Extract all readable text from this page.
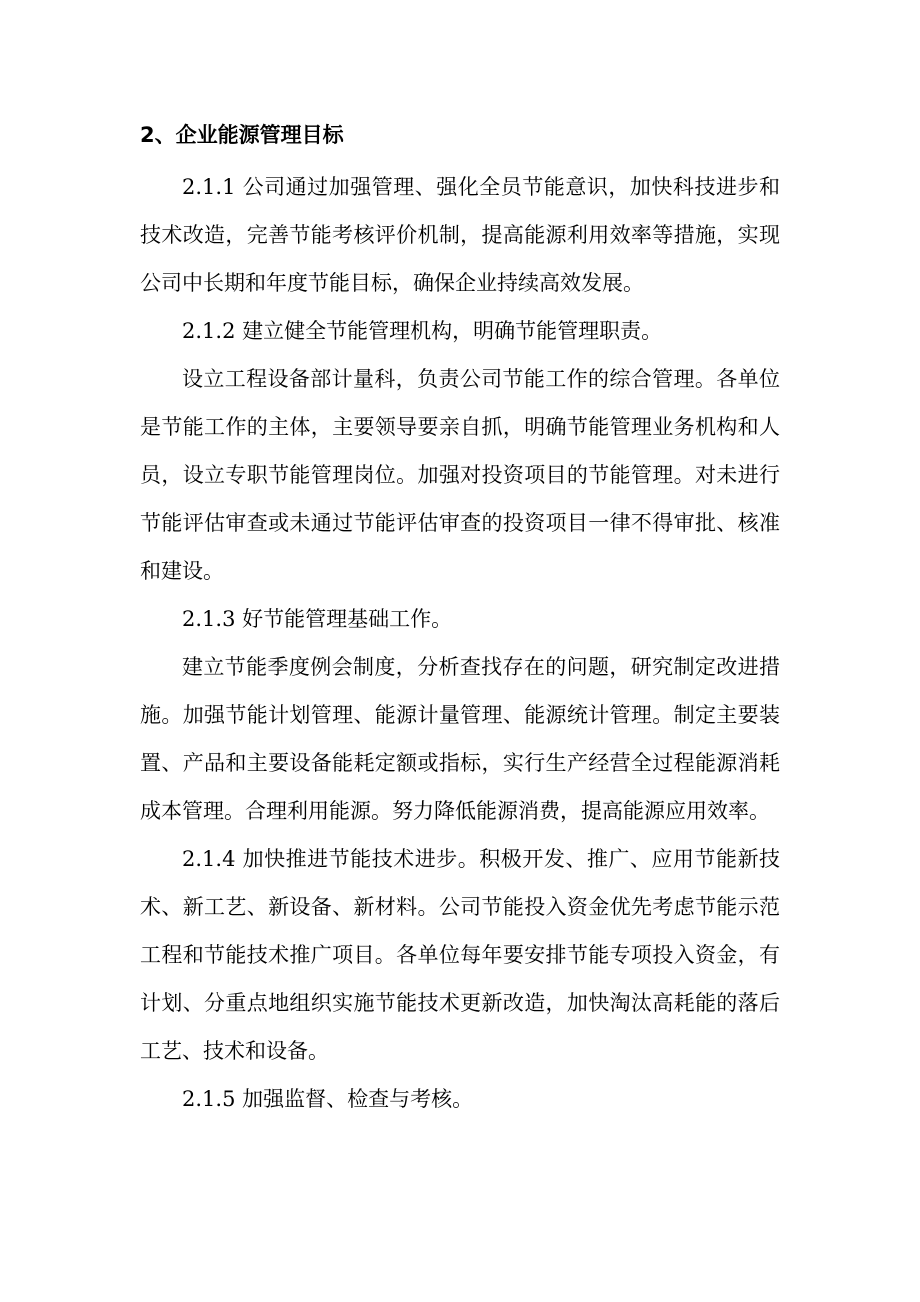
2、企业能源管理目标

2.1.1 公司通过加强管理、强化全员节能意识，加快科技进步和

技术改造，完善节能考核评价机制，提高能源利用效率等措施，实现

公司中长期和年度节能目标，确保企业持续高效发展。

2.1.2 建立健全节能管理机构，明确节能管理职责。

设立工程设备部计量科，负责公司节能工作的综合管理。各单位

是节能工作的主体，主要领导要亲自抓，明确节能管理业务机构和人

员，设立专职节能管理岗位。加强对投资项目的节能管理。对未进行

节能评估审查或未通过节能评估审查的投资项目一律不得审批、核准

和建设。

2.1.3 好节能管理基础工作。

建立节能季度例会制度，分析查找存在的问题，研究制定改进措

施。加强节能计划管理、能源计量管理、能源统计管理。制定主要装

置、产品和主要设备能耗定额或指标，实行生产经营全过程能源消耗

成本管理。合理利用能源。努力降低能源消费，提高能源应用效率。

2.1.4 加快推进节能技术进步。积极开发、推广、应用节能新技

术、新工艺、新设备、新材料。公司节能投入资金优先考虑节能示范

工程和节能技术推广项目。各单位每年要安排节能专项投入资金，有

计划、分重点地组织实施节能技术更新改造，加快淘汰高耗能的落后

工艺、技术和设备。

2.1.5 加强监督、检查与考核。
